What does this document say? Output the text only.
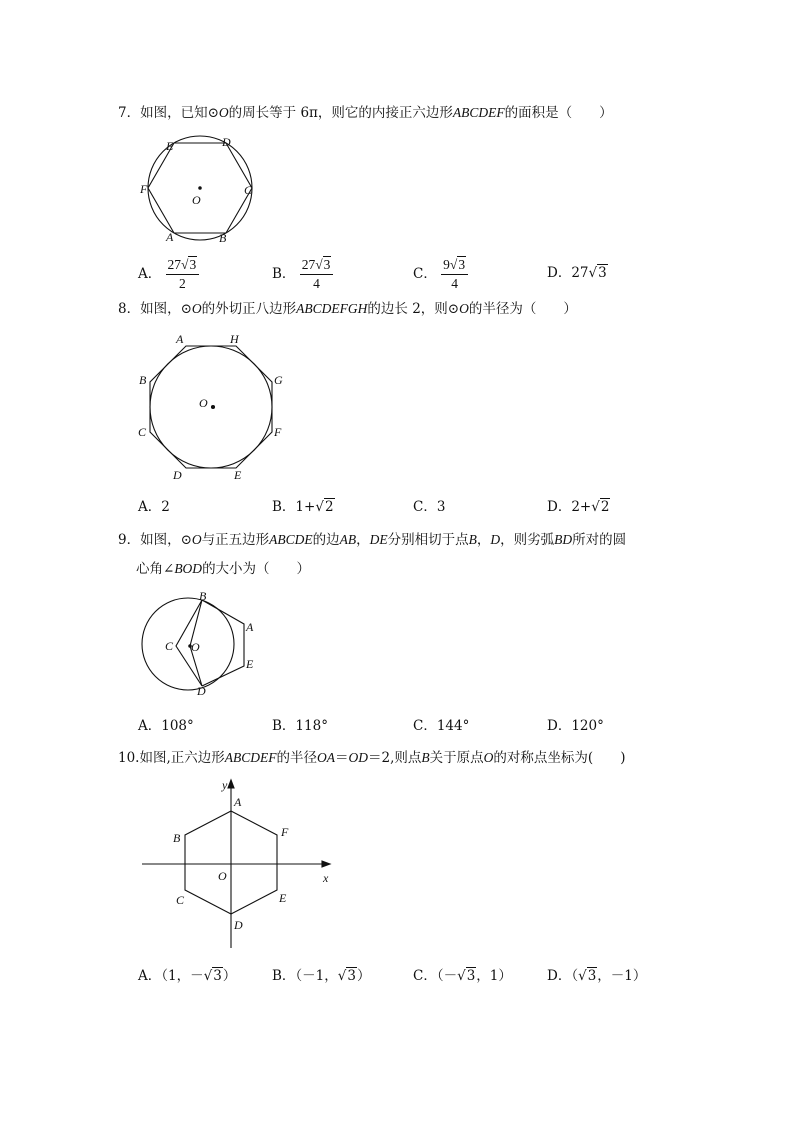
7．如图，已知⊙O的周长等于 6π，则它的内接正六边形ABCDEF的面积是（　　）
E	D
F	C
O
A	B
A． $\frac{27√3}{2}$	B． $\frac{27√3}{4}$	C． $\frac{9√3}{4}$	D．27√3
8．如图，⊙O的外切正八边形ABCDEFGH的边长 2，则⊙O的半径为（　　）
A	H
B	G
O
C	F
D	E
A．2	B．1+√2	C．3	D．2+√2
9．如图，⊙O与正五边形ABCDE的边AB，DE分别相切于点B，D，则劣弧BD所对的圆
心角∠BOD的大小为（　　）
B
A
C O
E
D
A．108°	B．118°	C．144°	D．120°
10.如图,正六边形ABCDEF的半径OA＝OD＝2,则点B关于原点O的对称点坐标为(　　)
y
A
B	F
O	x
C	E
D
A．（1，－√3）	B．（－1，√3）	C．（－√3，1）	D．（√3，－1）
